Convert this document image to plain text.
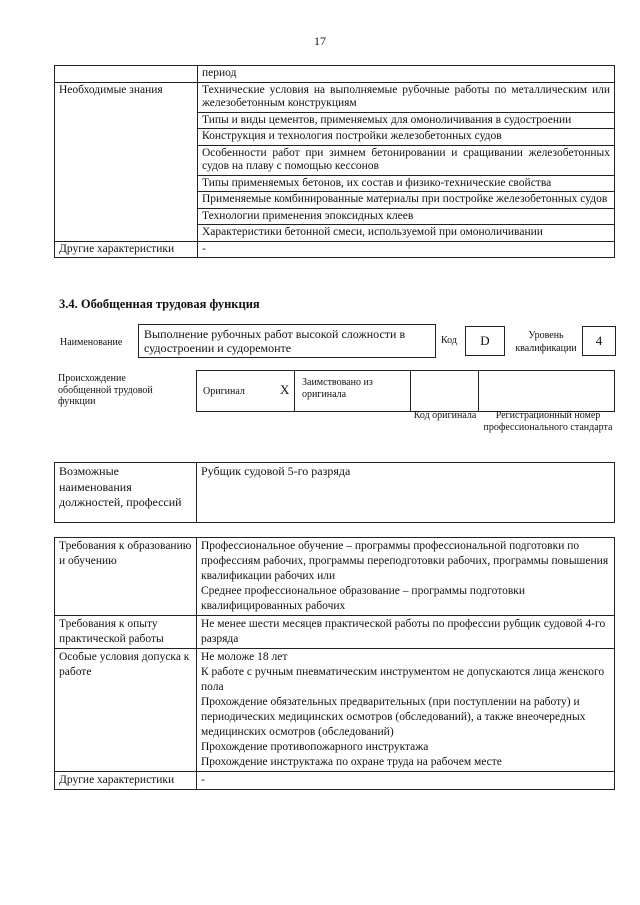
17
	период
Необходимые знания	Технические условия на выполняемые рубочные работы по металлическим или железобетонным конструкциям
	Типы и виды цементов, применяемых для омоноличивания в судостроении
	Конструкция и технология постройки железобетонных судов
	Особенности работ при зимнем бетонировании и сращивании железобетонных судов на плаву с помощью кессонов
	Типы применяемых бетонов, их состав и физико-технические свойства
	Применяемые комбинированные материалы при постройке железобетонных судов
	Технологии применения эпоксидных клеев
	Характеристики бетонной смеси, используемой при омоноличивании
Другие характеристики	-
3.4. Обобщенная трудовая функция
Наименование
Выполнение рубочных работ высокой сложности в судостроении и судоремонте
Код	D	Уровень квалификации
4
Происхождение обобщенной трудовой функции
Оригинал	X Заимствовано из оригинала
Код оригинала	Регистрационный номер профессионального стандарта
Возможные наименования должностей, профессий	Рубщик судовой 5-го разряда
Требования к образованию и обучению	Профессиональное обучение – программы профессиональной подготовки по профессиям рабочих, программы переподготовки рабочих, программы повышения квалификации рабочих или
Среднее профессиональное образование – программы подготовки квалифицированных рабочих

Требования к опыту практической работы	Не менее шести месяцев практической работы по профессии рубщик судовой 4-го разряда
Особые условия допуска к работе	Не моложе 18 лет
К работе с ручным пневматическим инструментом не допускаются лица женского пола
Прохождение обязательных предварительных (при поступлении на работу) и периодических медицинских осмотров (обследований), а также внеочередных медицинских осмотров (обследований)
Прохождение противопожарного инструктажа
Прохождение инструктажа по охране труда на рабочем месте

Другие характеристики	-
